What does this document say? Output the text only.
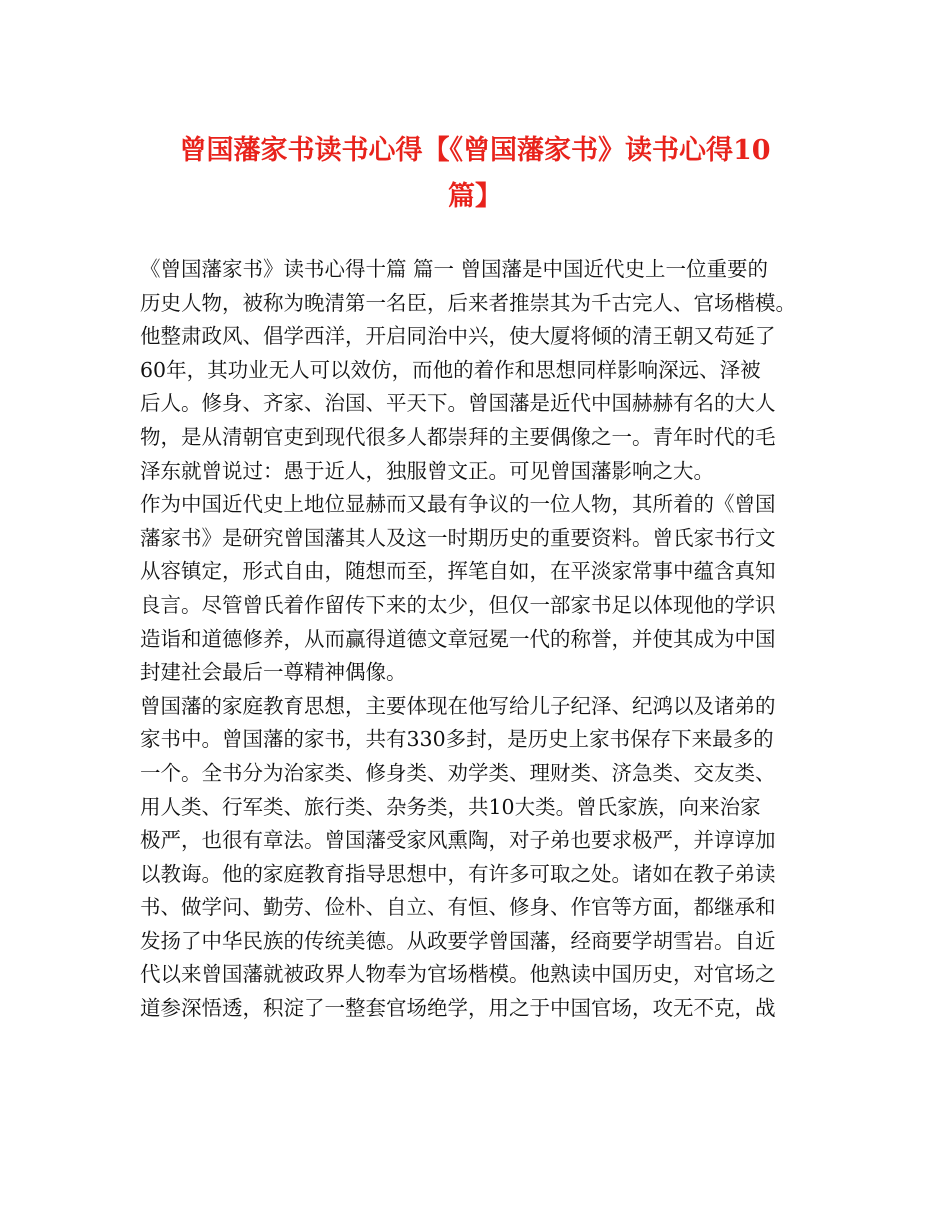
曾国藩家书读书心得【《曾国藩家书》读书心得10
篇】
《曾国藩家书》读书心得十篇 篇一 曾国藩是中国近代史上一位重要的
历史人物，被称为晚清第一名臣，后来者推崇其为千古完人、官场楷模。
他整肃政风、倡学西洋，开启同治中兴，使大厦将倾的清王朝又苟延了
60年，其功业无人可以效仿，而他的着作和思想同样影响深远、泽被
后人。修身、齐家、治国、平天下。曾国藩是近代中国赫赫有名的大人
物，是从清朝官吏到现代很多人都崇拜的主要偶像之一。青年时代的毛
泽东就曾说过：愚于近人，独服曾文正。可见曾国藩影响之大。
作为中国近代史上地位显赫而又最有争议的一位人物，其所着的《曾国
藩家书》是研究曾国藩其人及这一时期历史的重要资料。曾氏家书行文
从容镇定，形式自由，随想而至，挥笔自如，在平淡家常事中蕴含真知
良言。尽管曾氏着作留传下来的太少，但仅一部家书足以体现他的学识
造诣和道德修养，从而赢得道德文章冠冕一代的称誉，并使其成为中国
封建社会最后一尊精神偶像。
曾国藩的家庭教育思想，主要体现在他写给儿子纪泽、纪鸿以及诸弟的
家书中。曾国藩的家书，共有330多封，是历史上家书保存下来最多的
一个。全书分为治家类、修身类、劝学类、理财类、济急类、交友类、
用人类、行军类、旅行类、杂务类，共10大类。曾氏家族，向来治家
极严，也很有章法。曾国藩受家风熏陶，对子弟也要求极严，并谆谆加
以教诲。他的家庭教育指导思想中，有许多可取之处。诸如在教子弟读
书、做学问、勤劳、俭朴、自立、有恒、修身、作官等方面，都继承和
发扬了中华民族的传统美德。从政要学曾国藩，经商要学胡雪岩。自近
代以来曾国藩就被政界人物奉为官场楷模。他熟读中国历史，对官场之
道参深悟透，积淀了一整套官场绝学，用之于中国官场，攻无不克，战
